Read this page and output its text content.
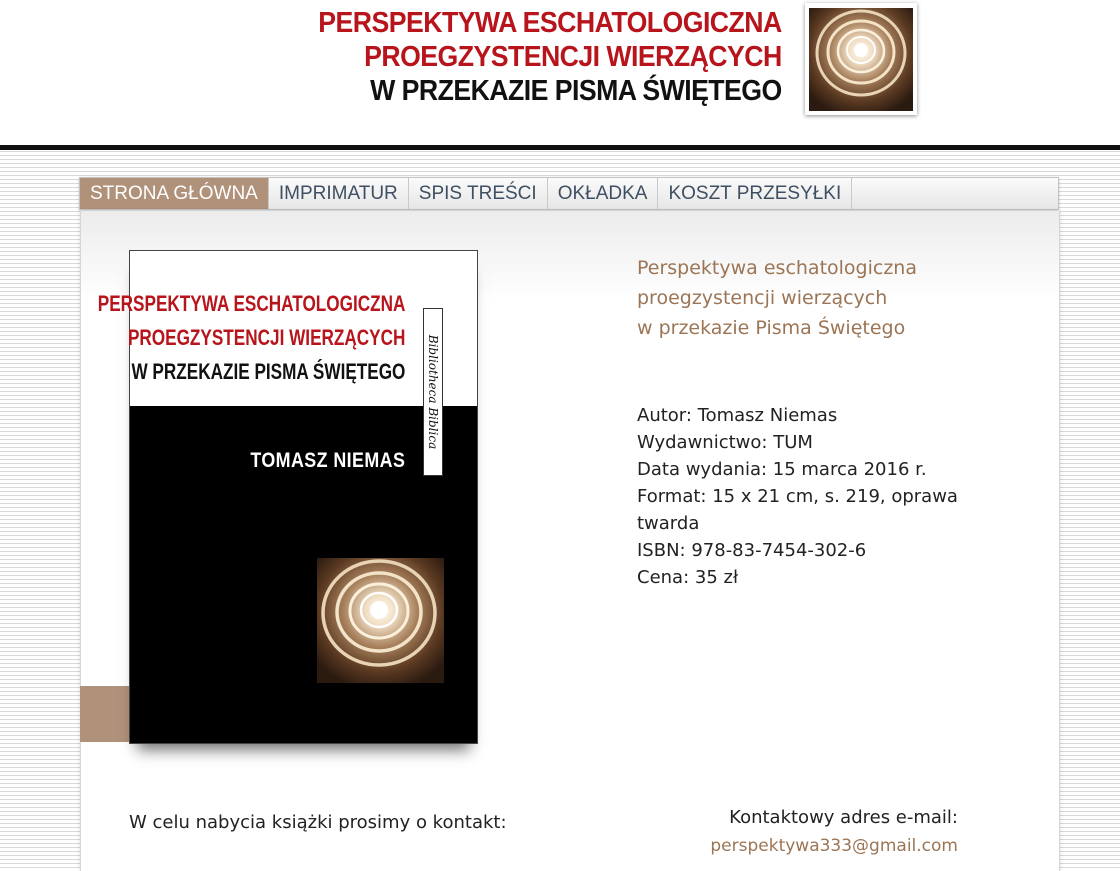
PERSPEKTYWA ESCHATOLOGICZNA
PROEGZYSTENCJI WIERZĄCYCH
W PRZEKAZIE PISMA ŚWIĘTEGO
STRONA GŁÓWNA	IMPRIMATUR	SPIS TREŚCI	OKŁADKA	KOSZT PRZESYŁKI
PERSPEKTYWA ESCHATOLOGICZNA
PROEGZYSTENCJI WIERZĄCYCH
W PRZEKAZIE PISMA ŚWIĘTEGO Bibliotheca Biblica
TOMASZ NIEMAS
Perspektywa eschatologiczna
proegzystencji wierzących
w przekazie Pisma Świętego
Autor: Tomasz Niemas
Wydawnictwo: TUM
Data wydania: 15 marca 2016 r.
Format: 15 x 21 cm, s. 219, oprawa twarda
ISBN: 978-83-7454-302-6
Cena: 35 zł
W celu nabycia książki prosimy o kontakt:	Kontaktowy adres e-mail:
perspektywa333@gmail.com
